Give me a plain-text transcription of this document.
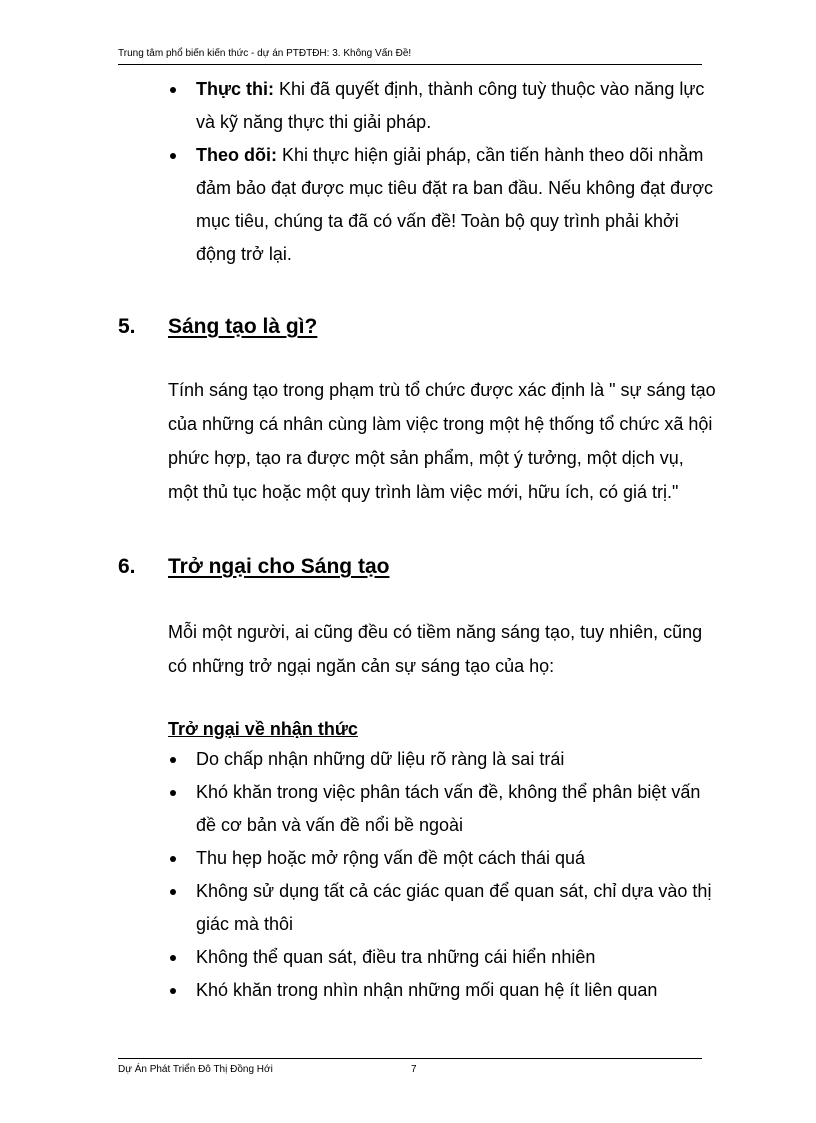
Trung tâm phổ biến kiến thức - dự án PTĐTĐH: 3. Không Vấn Đề!
Thực thi: Khi đã quyết định, thành công tuỳ thuộc vào năng lực và kỹ năng thực thi giải pháp.
Theo dõi: Khi thực hiện giải pháp, cần tiến hành theo dõi nhằm đảm bảo đạt được mục tiêu đặt ra ban đầu. Nếu không đạt được mục tiêu, chúng ta đã có vấn đề! Toàn bộ quy trình phải khởi động trở lại.
5. Sáng tạo là gì?

Tính sáng tạo trong phạm trù tổ chức được xác định là " sự sáng tạo của những cá nhân cùng làm việc trong một hệ thống tổ chức xã hội phức hợp, tạo ra được một sản phẩm, một ý tưởng, một dịch vụ, một thủ tục hoặc một quy trình làm việc mới, hữu ích, có giá trị."

6. Trở ngại cho Sáng tạo

Mỗi một người, ai cũng đều có tiềm năng sáng tạo, tuy nhiên, cũng có những trở ngại ngăn cản sự sáng tạo của họ:

Trở ngại về nhận thức

Do chấp nhận những dữ liệu rõ ràng là sai trái
Khó khăn trong việc phân tách vấn đề, không thể phân biệt vấn đề cơ bản và vấn đề nổi bề ngoài
Thu hẹp hoặc mở rộng vấn đề một cách thái quá
Không sử dụng tất cả các giác quan để quan sát, chỉ dựa vào thị giác mà thôi
Không thể quan sát, điều tra những cái hiển nhiên
Khó khăn trong nhìn nhận những mối quan hệ ít liên quan
Dự Án Phát Triển Đô Thị Đồng Hới	7
